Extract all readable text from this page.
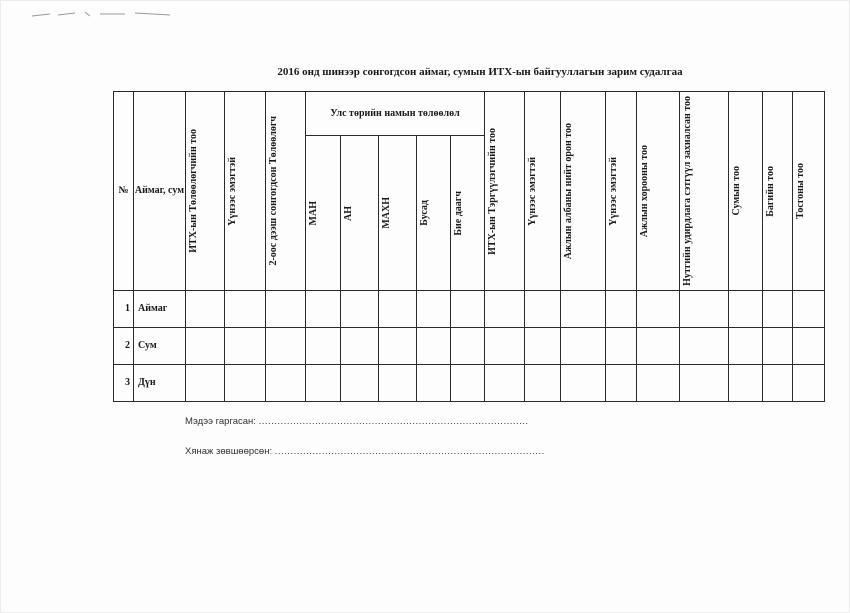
2016 онд шинээр сонгогдсон аймаг, сумын ИТХ-ын байгууллагын зарим судалгаа
№	Аймаг, сум	ИТХ-ын Төлөөлөгчийн тоо	Үүнээс эмэгтэй	2-оос дээш сонгогдсон Төлөөлөгч	Улс төрийн намын төлөөлөл					ИТХ-ын Тэргүүлэгчийн тоо	Үүнээс эмэгтэй	Ажлын албаны нийт орон тоо	Үүнээс эмэгтэй	Ажлын хорооны тоо	Нутгийн удирдлага сэтгүүл захиалсан тоо	Сумын тоо	Багийн тоо	Тосгоны тоо

					МАН	АН	МАХН	Бусад	Бие даагч									

1	Аймаг																	
2	Сум																	
3	Дүн																	
Мэдээ гаргасан: ......................................................................................
Хянаж зөвшөөрсөн: ......................................................................................
